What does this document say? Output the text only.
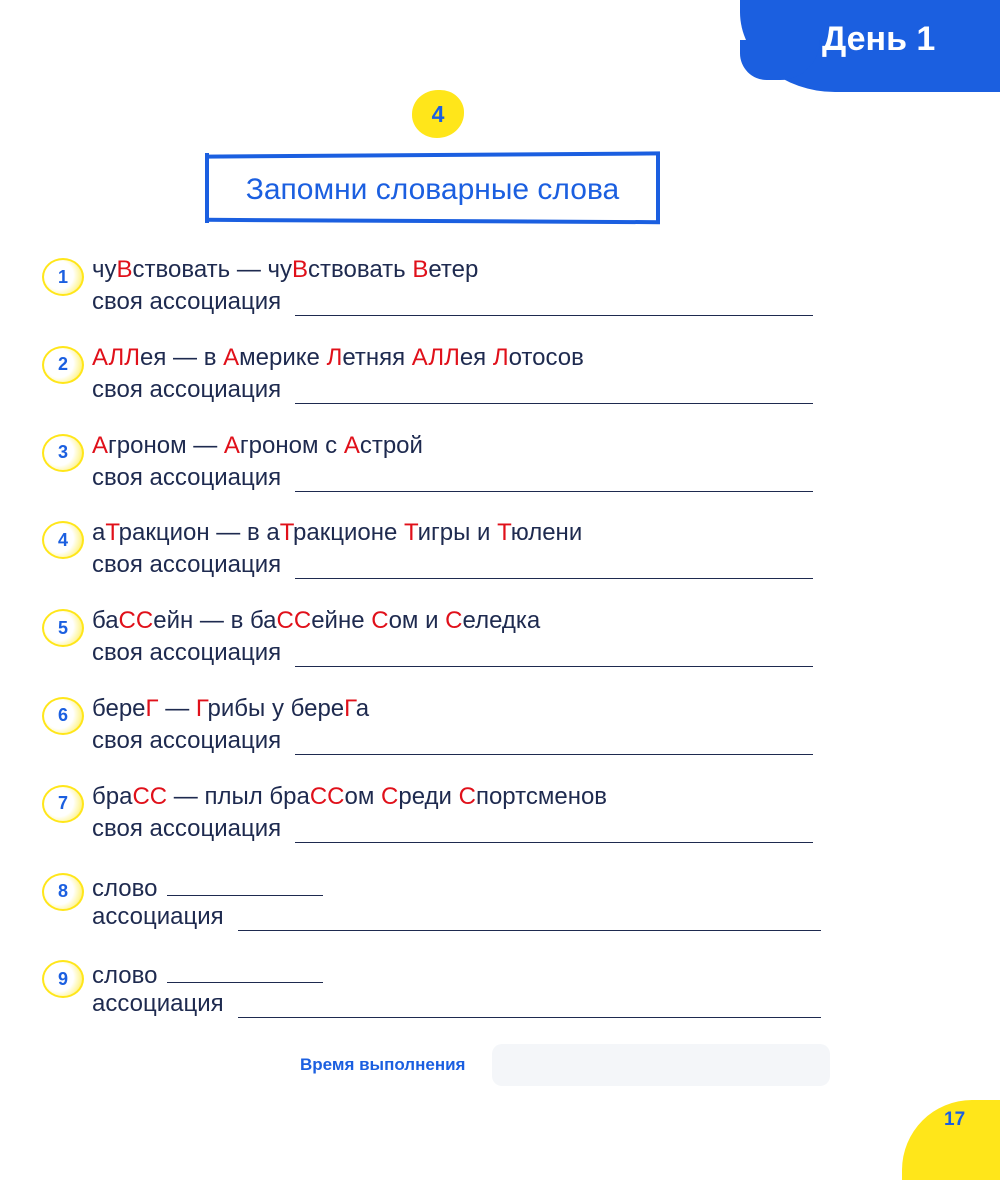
День 1
4
Запомни словарные слова
1	чуВствовать — чуВствовать Ветер
своя ассоциация
2	АЛЛея — в Америке Летняя АЛЛея Лотосов
своя ассоциация
3	Агроном — Агроном с Астрой
своя ассоциация
4	аТракцион — в аТракционе Тигры и Тюлени
своя ассоциация
5	баССейн — в баССейне Сом и Селедка
своя ассоциация
6	береГ — Грибы у береГа
своя ассоциация
7	браСС — плыл браССом Среди Спортсменов
своя ассоциация
8	слово
ассоциация
9	слово
ассоциация
Время выполнения
17
